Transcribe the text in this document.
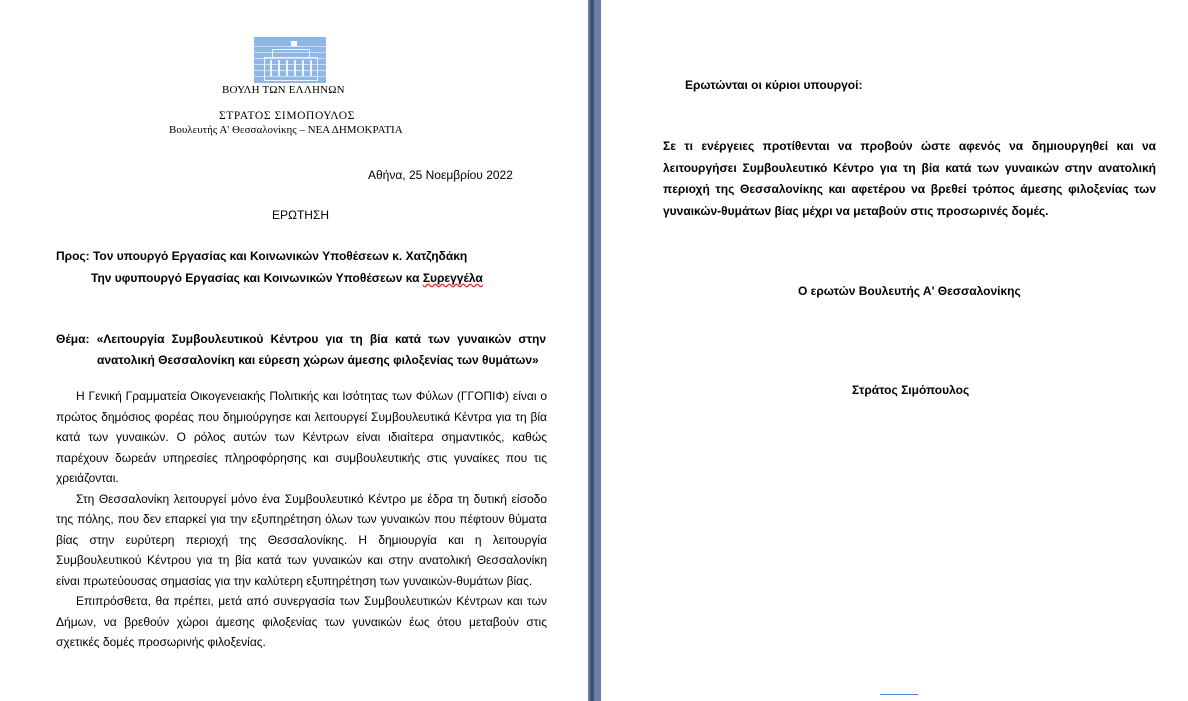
ΒΟΥΛΗ ΤΩΝ ΕΛΛΗΝΩΝ
ΣΤΡΑΤΟΣ ΣΙΜΟΠΟΥΛΟΣ
Βουλευτής Α' Θεσσαλονίκης – ΝΕΑ ΔΗΜΟΚΡΑΤΙΑ
Αθήνα, 25 Νοεμβρίου 2022
ΕΡΩΤΗΣΗ
Προς: Τον υπουργό Εργασίας και Κοινωνικών Υποθέσεων κ. Χατζηδάκη
Την υφυπουργό Εργασίας και Κοινωνικών Υποθέσεων κα Συρεγγέλα
Θέμα: «Λειτουργία Συμβουλευτικού Κέντρου για τη βία κατά των γυναικών στην
ανατολική Θεσσαλονίκη και εύρεση χώρων άμεσης φιλοξενίας των θυμάτων»

Η Γενική Γραμματεία Οικογενειακής Πολιτικής και Ισότητας των Φύλων (ΓΓΟΠΙΦ) είναι ο πρώτος δημόσιος φορέας που δημιούργησε και λειτουργεί Συμβουλευτικά Κέντρα για τη βία κατά των γυναικών. Ο ρόλος αυτών των Κέντρων είναι ιδιαίτερα σημαντικός, καθώς παρέχουν δωρεάν υπηρεσίες πληροφόρησης και συμβουλευτικής στις γυναίκες που τις χρειάζονται.

Στη Θεσσαλονίκη λειτουργεί μόνο ένα Συμβουλευτικό Κέντρο με έδρα τη δυτική είσοδο της πόλης, που δεν επαρκεί για την εξυπηρέτηση όλων των γυναικών που πέφτουν θύματα βίας στην ευρύτερη περιοχή της Θεσσαλονίκης. Η δημιουργία και η λειτουργία Συμβουλευτικού Κέντρου για τη βία κατά των γυναικών και στην ανατολική Θεσσαλονίκη είναι πρωτεύουσας σημασίας για την καλύτερη εξυπηρέτηση των γυναικών-θυμάτων βίας.

Επιπρόσθετα, θα πρέπει, μετά από συνεργασία των Συμβουλευτικών Κέντρων και των Δήμων, να βρεθούν χώροι άμεσης φιλοξενίας των γυναικών έως ότου μεταβούν στις σχετικές δομές προσωρινής φιλοξενίας.

Ερωτώνται οι κύριοι υπουργοί:

Σε τι ενέργειες προτίθενται να προβούν ώστε αφενός να δημιουργηθεί και να λειτουργήσει Συμβουλευτικό Κέντρο για τη βία κατά των γυναικών στην ανατολική περιοχή της Θεσσαλονίκης και αφετέρου να βρεθεί τρόπος άμεσης φιλοξενίας των γυναικών-θυμάτων βίας μέχρι να μεταβούν στις προσωρινές δομές.

Ο ερωτών Βουλευτής Α' Θεσσαλονίκης
Στράτος Σιμόπουλος
